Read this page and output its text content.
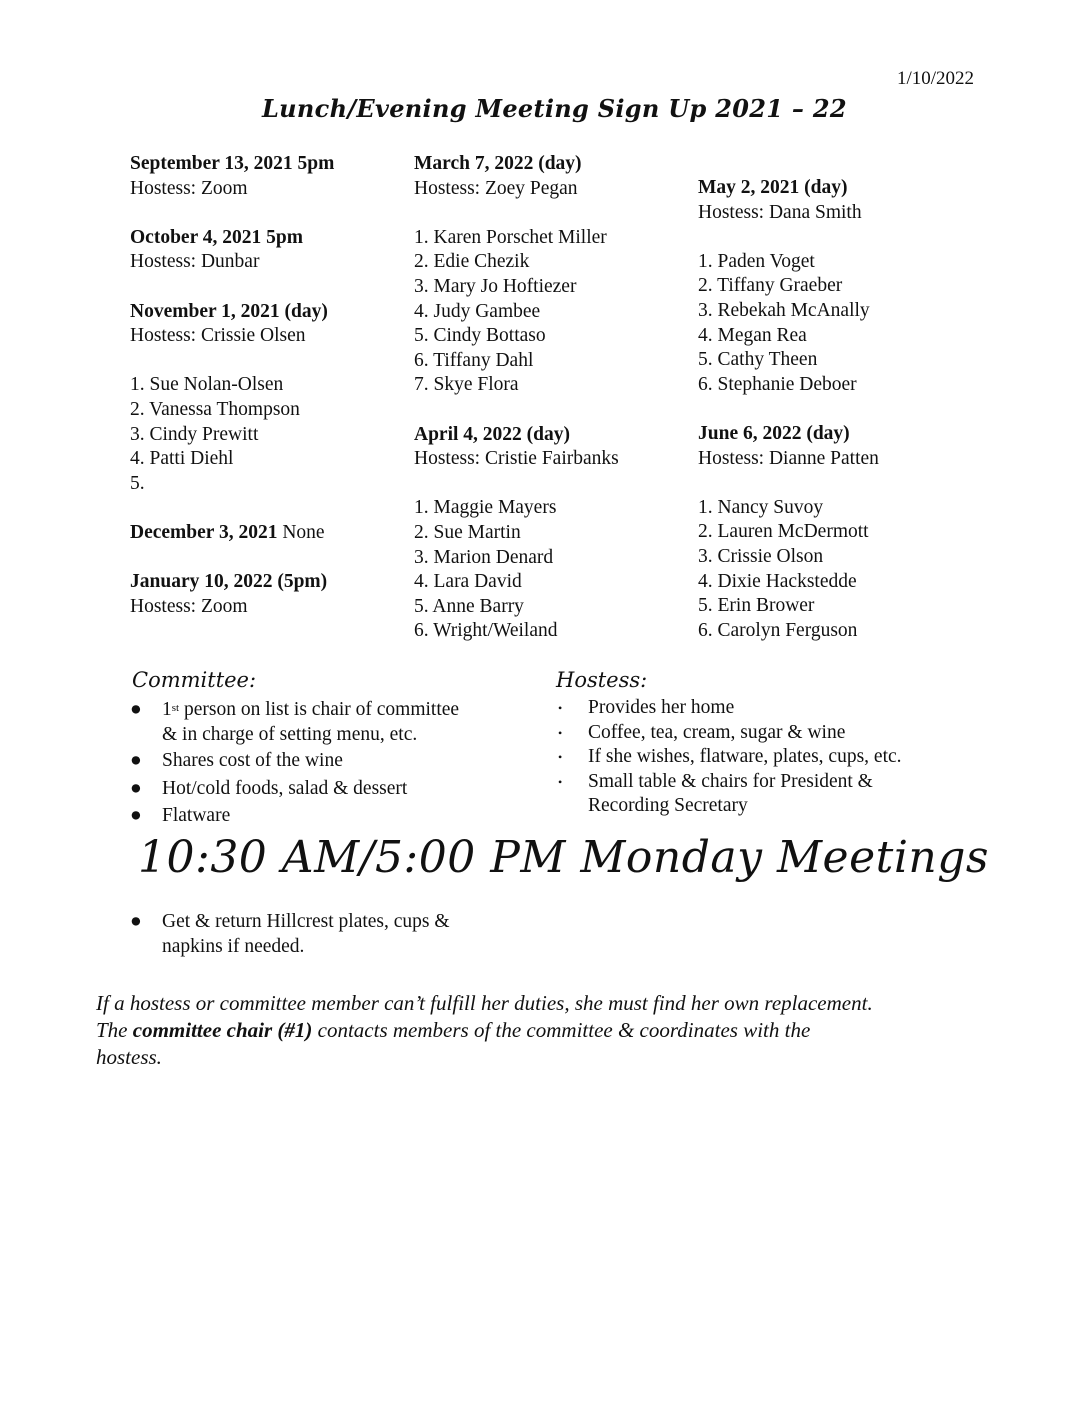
1/10/2022
Lunch/Evening Meeting Sign Up 2021 – 22
September 13, 2021 5pm
Hostess: Zoom
October 4, 2021 5pm
Hostess: Dunbar
November 1, 2021 (day)
Hostess: Crissie Olsen
1. Sue Nolan-Olsen
2. Vanessa Thompson
3. Cindy Prewitt
4. Patti Diehl
5.
December 3, 2021 None
January 10, 2022 (5pm)
Hostess: Zoom
March 7, 2022 (day)
Hostess: Zoey Pegan
1. Karen Porschet Miller
2. Edie Chezik
3. Mary Jo Hoftiezer
4. Judy Gambee
5. Cindy Bottaso
6. Tiffany Dahl
7. Skye Flora
April 4, 2022 (day)
Hostess: Cristie Fairbanks
1. Maggie Mayers
2. Sue Martin
3. Marion Denard
4. Lara David
5. Anne Barry
6. Wright/Weiland
May 2, 2021 (day)
Hostess: Dana Smith
1. Paden Voget
2. Tiffany Graeber
3. Rebekah McAnally
4. Megan Rea
5. Cathy Theen
6. Stephanie Deboer
June 6, 2022 (day)
Hostess: Dianne Patten
1. Nancy Suvoy
2. Lauren McDermott
3. Crissie Olson
4. Dixie Hackstedde
5. Erin Brower
6. Carolyn Ferguson
Committee:
● 1st person on list is chair of committee
& in charge of setting menu, etc.
● Shares cost of the wine
● Hot/cold foods, salad & dessert
● Flatware
Hostess:
• Provides her home
• Coffee, tea, cream, sugar & wine
• If she wishes, flatware, plates, cups, etc.
• Small table & chairs for President &
Recording Secretary
10:30 AM/5:00 PM Monday Meetings
● Get & return Hillcrest plates, cups &
napkins if needed.
If a hostess or committee member can’t fulfill her duties, she must find her own replacement.
The committee chair (#1) contacts members of the committee & coordinates with the
hostess.
